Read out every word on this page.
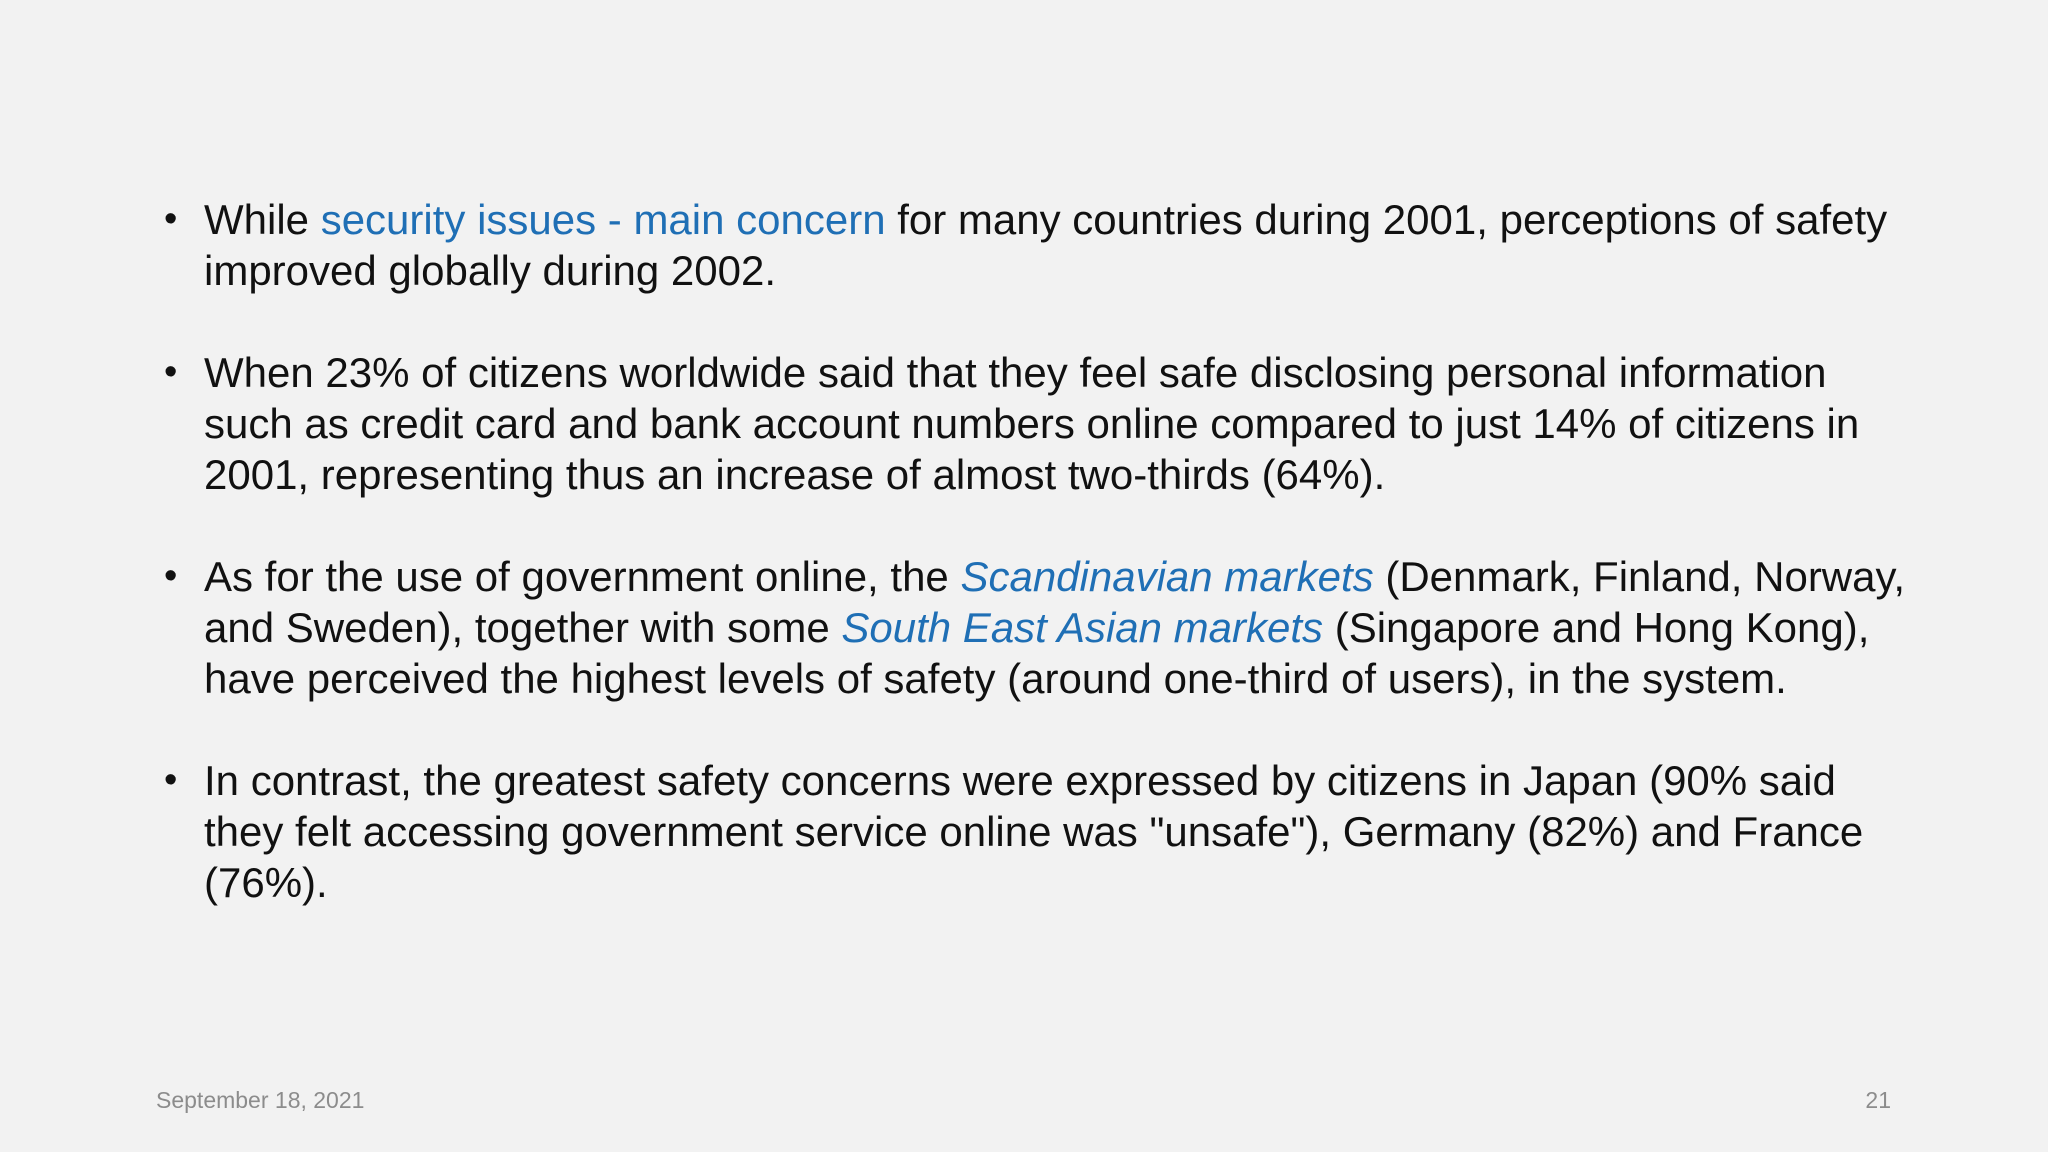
• While security issues - main concern for many countries during 2001, perceptions of safety improved globally during 2002.
• When 23% of citizens worldwide said that they feel safe disclosing personal information such as credit card and bank account numbers online compared to just 14% of citizens in 2001, representing thus an increase of almost two-thirds (64%).
• As for the use of government online, the Scandinavian markets (Denmark, Finland, Norway, and Sweden), together with some South East Asian markets (Singapore and Hong Kong), have perceived the highest levels of safety (around one-third of users), in the system.
• In contrast, the greatest safety concerns were expressed by citizens in Japan (90% said they felt accessing government service online was "unsafe"), Germany (82%) and France (76%).
September 18, 2021	21
